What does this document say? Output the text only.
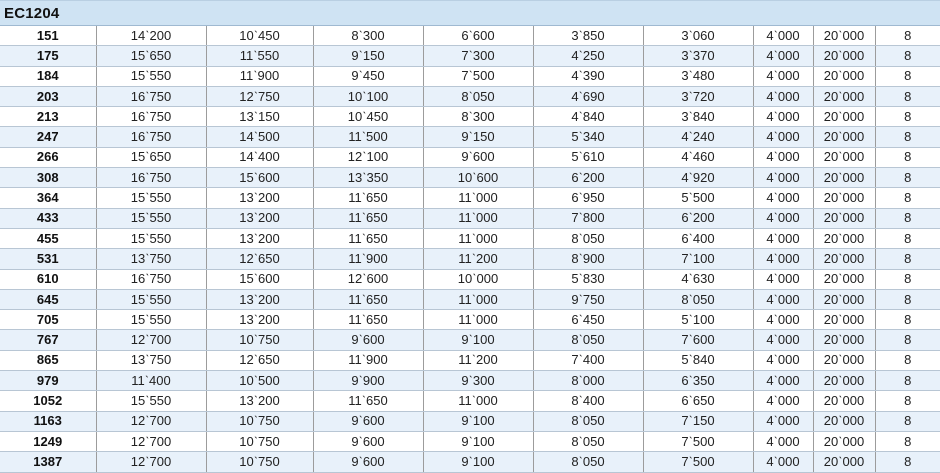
EC1204
151	14ˋ200	10ˋ450	8ˋ300	6ˋ600	3ˋ850	3ˋ060	4ˋ000	20ˋ000	8
175	15ˋ650	11ˋ550	9ˋ150	7ˋ300	4ˋ250	3ˋ370	4ˋ000	20ˋ000	8
184	15ˋ550	11ˋ900	9ˋ450	7ˋ500	4ˋ390	3ˋ480	4ˋ000	20ˋ000	8
203	16ˋ750	12ˋ750	10ˋ100	8ˋ050	4ˋ690	3ˋ720	4ˋ000	20ˋ000	8
213	16ˋ750	13ˋ150	10ˋ450	8ˋ300	4ˋ840	3ˋ840	4ˋ000	20ˋ000	8
247	16ˋ750	14ˋ500	11ˋ500	9ˋ150	5ˋ340	4ˋ240	4ˋ000	20ˋ000	8
266	15ˋ650	14ˋ400	12ˋ100	9ˋ600	5ˋ610	4ˋ460	4ˋ000	20ˋ000	8
308	16ˋ750	15ˋ600	13ˋ350	10ˋ600	6ˋ200	4ˋ920	4ˋ000	20ˋ000	8
364	15ˋ550	13ˋ200	11ˋ650	11ˋ000	6ˋ950	5ˋ500	4ˋ000	20ˋ000	8
433	15ˋ550	13ˋ200	11ˋ650	11ˋ000	7ˋ800	6ˋ200	4ˋ000	20ˋ000	8
455	15ˋ550	13ˋ200	11ˋ650	11ˋ000	8ˋ050	6ˋ400	4ˋ000	20ˋ000	8
531	13ˋ750	12ˋ650	11ˋ900	11ˋ200	8ˋ900	7ˋ100	4ˋ000	20ˋ000	8
610	16ˋ750	15ˋ600	12ˋ600	10ˋ000	5ˋ830	4ˋ630	4ˋ000	20ˋ000	8
645	15ˋ550	13ˋ200	11ˋ650	11ˋ000	9ˋ750	8ˋ050	4ˋ000	20ˋ000	8
705	15ˋ550	13ˋ200	11ˋ650	11ˋ000	6ˋ450	5ˋ100	4ˋ000	20ˋ000	8
767	12ˋ700	10ˋ750	9ˋ600	9ˋ100	8ˋ050	7ˋ600	4ˋ000	20ˋ000	8
865	13ˋ750	12ˋ650	11ˋ900	11ˋ200	7ˋ400	5ˋ840	4ˋ000	20ˋ000	8
979	11ˋ400	10ˋ500	9ˋ900	9ˋ300	8ˋ000	6ˋ350	4ˋ000	20ˋ000	8
1052	15ˋ550	13ˋ200	11ˋ650	11ˋ000	8ˋ400	6ˋ650	4ˋ000	20ˋ000	8
1163	12ˋ700	10ˋ750	9ˋ600	9ˋ100	8ˋ050	7ˋ150	4ˋ000	20ˋ000	8
1249	12ˋ700	10ˋ750	9ˋ600	9ˋ100	8ˋ050	7ˋ500	4ˋ000	20ˋ000	8
1387	12ˋ700	10ˋ750	9ˋ600	9ˋ100	8ˋ050	7ˋ500	4ˋ000	20ˋ000	8
